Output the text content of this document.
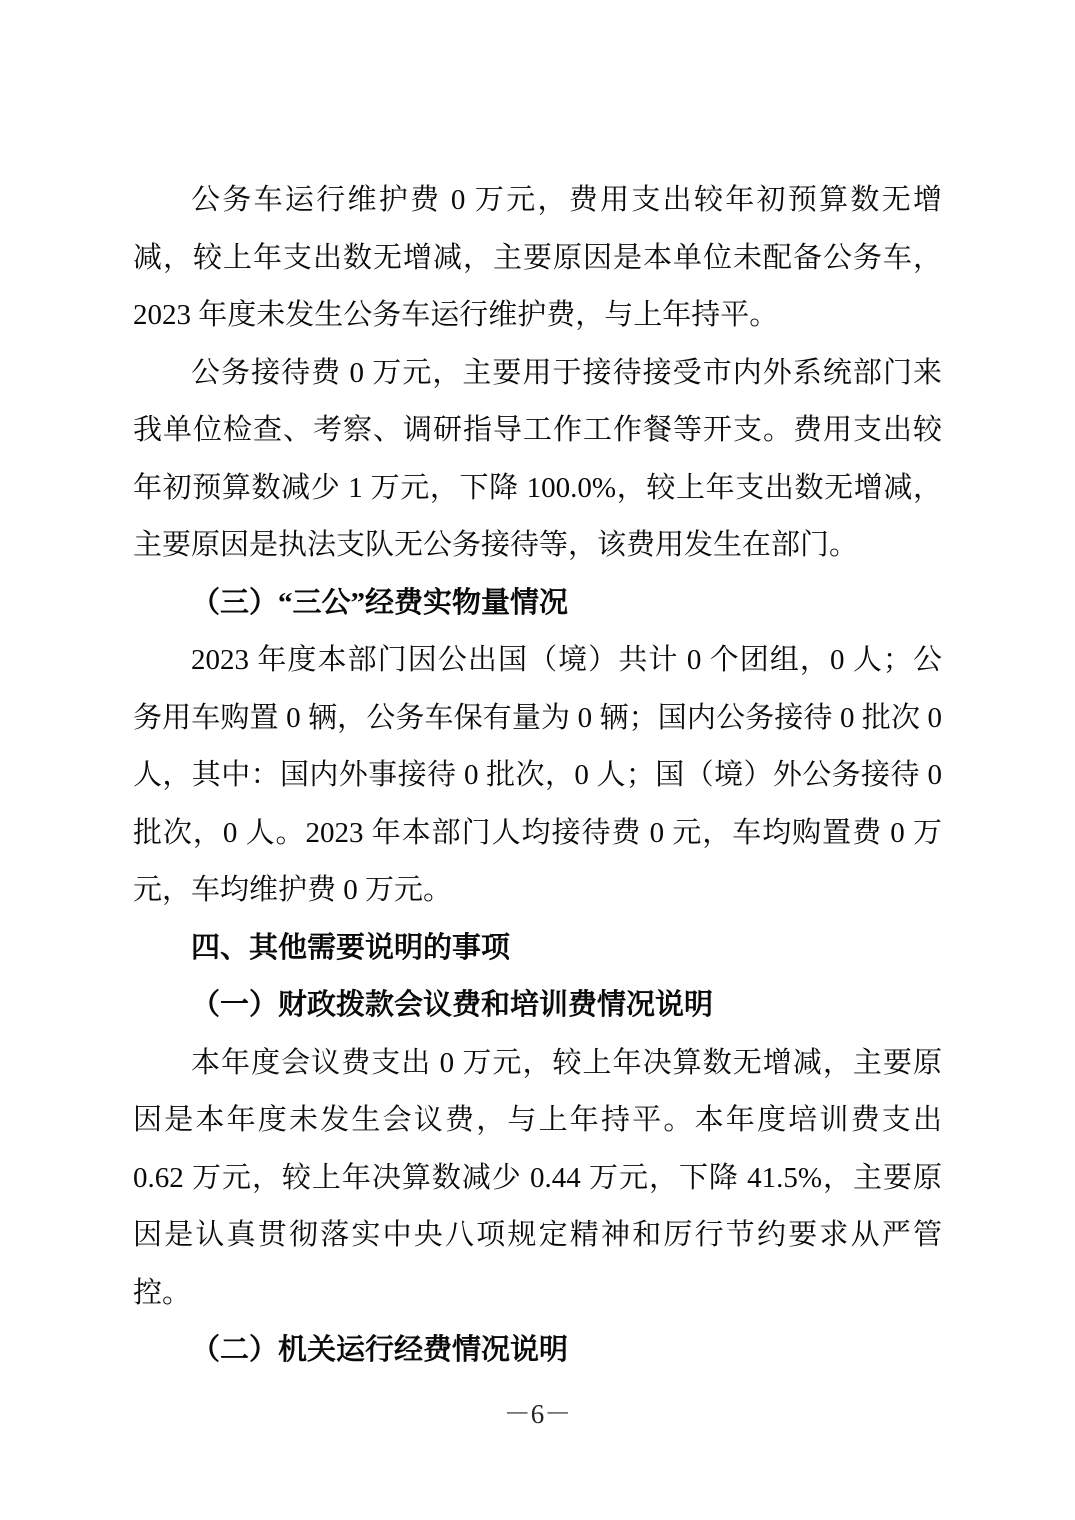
公务车运行维护费 0 万元，费用支出较年初预算数无增减，较上年支出数无增减，主要原因是本单位未配备公务车，2023 年度未发生公务车运行维护费，与上年持平。

公务接待费 0 万元，主要用于接待接受市内外系统部门来我单位检查、考察、调研指导工作工作餐等开支。费用支出较年初预算数减少 1 万元，下降 100.0%，较上年支出数无增减，主要原因是执法支队无公务接待等，该费用发生在部门。

（三）“三公”经费实物量情况

2023 年度本部门因公出国（境）共计 0 个团组，0 人；公务用车购置 0 辆，公务车保有量为 0 辆；国内公务接待 0 批次 0 人，其中：国内外事接待 0 批次，0 人；国（境）外公务接待 0 批次，0 人。2023 年本部门人均接待费 0 元，车均购置费 0 万元，车均维护费 0 万元。

四、其他需要说明的事项
（一）财政拨款会议费和培训费情况说明

本年度会议费支出 0 万元，较上年决算数无增减，主要原因是本年度未发生会议费，与上年持平。本年度培训费支出 0.62 万元，较上年决算数减少 0.44 万元，下降 41.5%，主要原因是认真贯彻落实中央八项规定精神和厉行节约要求从严管控。

（二）机关运行经费情况说明
－6－
